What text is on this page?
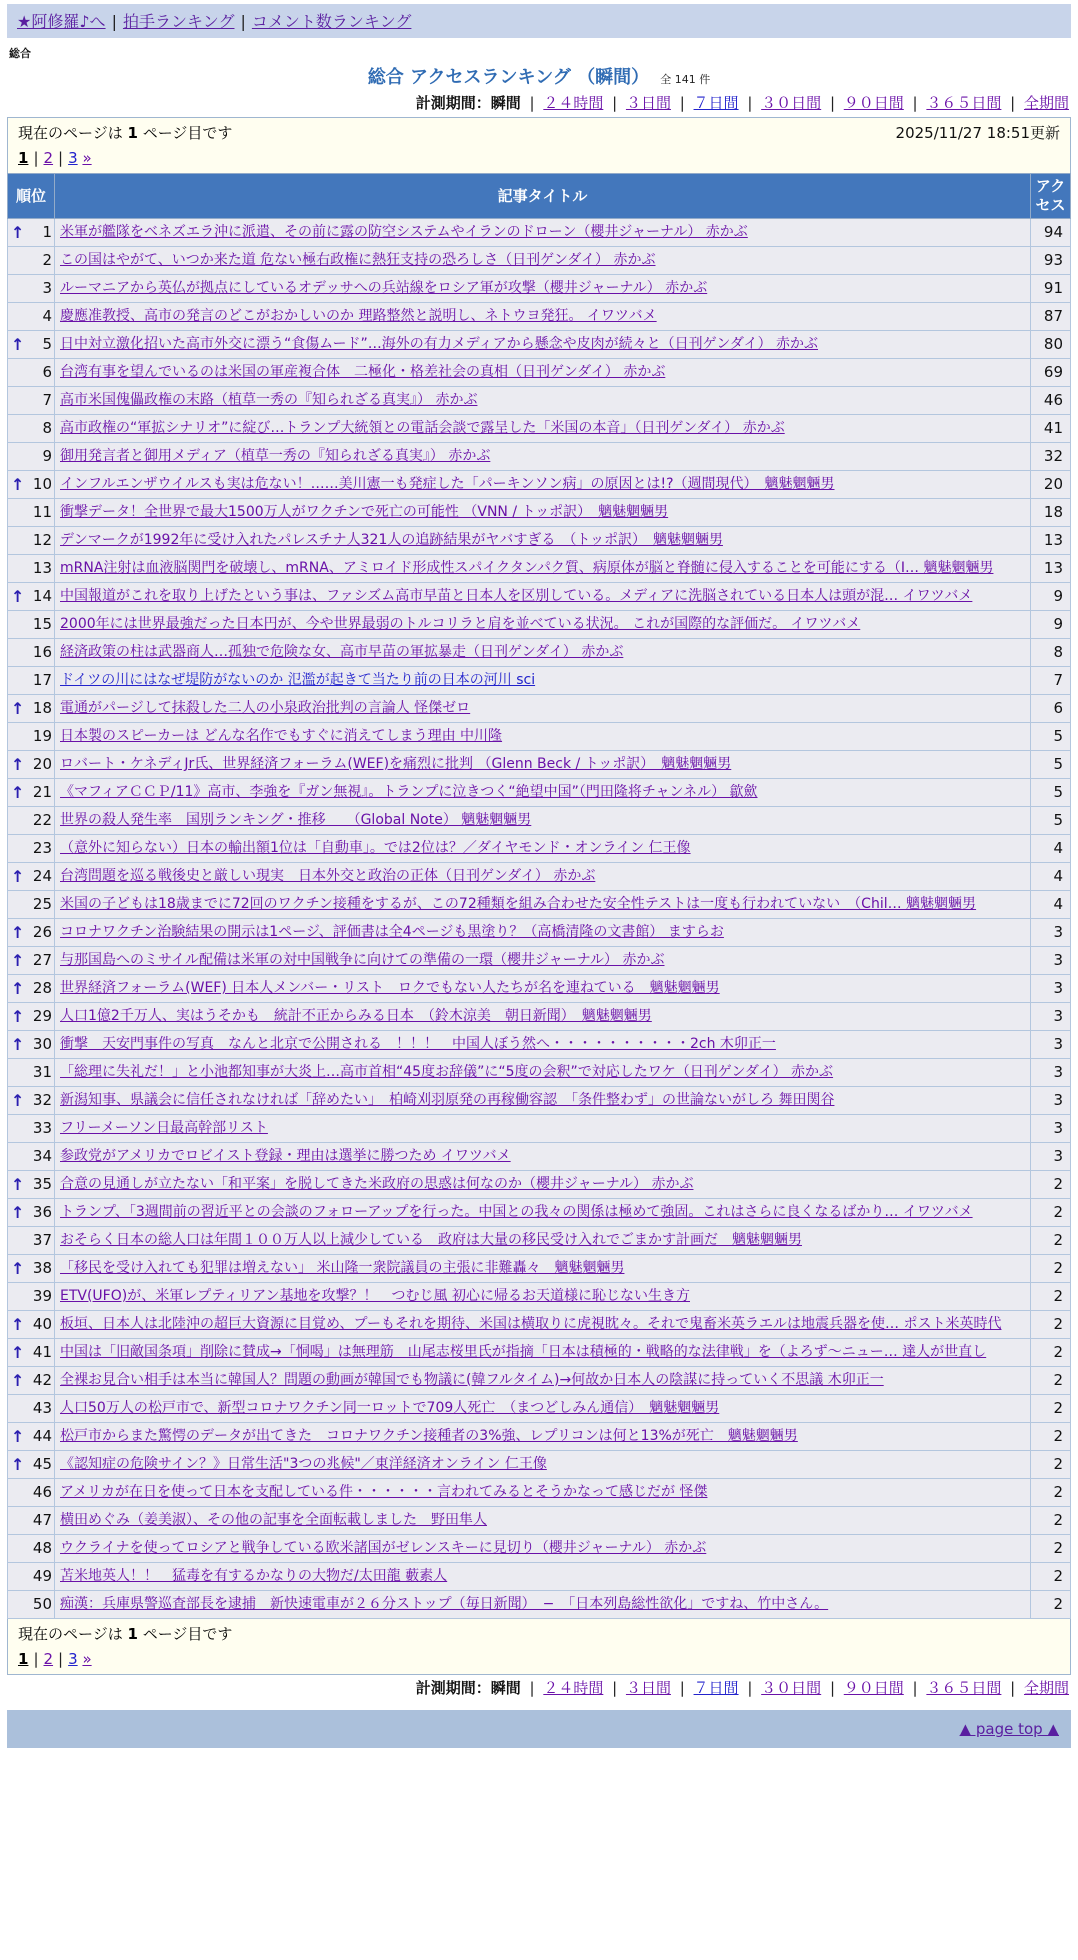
★阿修羅♪へ | 拍手ランキング | コメント数ランキング
総合
総合 アクセスランキング （瞬間） 全 141 件
計測期間：瞬間 | ２４時間 | ３日間 | ７日間 | ３０日間 | ９０日間 | ３６５日間 | 全期間
現在のページは 1 ページ目です	2025/11/27 18:51更新
1 | 2 | 3 »
順位	記事タイトル	アクセス

↑ 1	米軍が艦隊をベネズエラ沖に派遣、その前に露の防空システムやイランのドローン（櫻井ジャーナル） 赤かぶ	94

2	この国はやがて、いつか来た道 危ない極右政権に熱狂支持の恐ろしさ（日刊ゲンダイ） 赤かぶ	93

3	ルーマニアから英仏が拠点にしているオデッサへの兵站線をロシア軍が攻撃（櫻井ジャーナル） 赤かぶ	91

4	慶應准教授、高市の発言のどこがおかしいのか 理路整然と説明し、ネトウヨ発狂。 イワツバメ	87

↑ 5	日中対立激化招いた高市外交に漂う“食傷ムード”…海外の有力メディアから懸念や皮肉が続々と（日刊ゲンダイ） 赤かぶ	80

6	台湾有事を望んでいるのは米国の軍産複合体　二極化・格差社会の真相（日刊ゲンダイ） 赤かぶ	69

7	高市米国傀儡政権の末路（植草一秀の『知られざる真実』） 赤かぶ	46

8	高市政権の“軍拡シナリオ”に綻び…トランプ大統領との電話会談で露呈した「米国の本音」（日刊ゲンダイ） 赤かぶ	41

9	御用発言者と御用メディア（植草一秀の『知られざる真実』） 赤かぶ	32

↑ 10	インフルエンザウイルスも実は危ない！……美川憲一も発症した「パーキンソン病」の原因とは!?（週間現代）　魑魅魍魎男	20

11	衝撃データ！全世界で最大1500万人がワクチンで死亡の可能性 （VNN / トッポ訳）　魑魅魍魎男	18

12	デンマークが1992年に受け入れたパレスチナ人321人の追跡結果がヤバすぎる　（トッポ訳）　魑魅魍魎男	13

13	mRNA注射は血液脳関門を破壊し、mRNA、アミロイド形成性スパイクタンパク質、病原体が脳と脊髄に侵入することを可能にする（I… 魑魅魍魎男	13

↑ 14	中国報道がこれを取り上げたという事は、ファシズム高市早苗と日本人を区別している。メディアに洗脳されている日本人は頭が混… イワツバメ	9

15	2000年には世界最強だった日本円が、今や世界最弱のトルコリラと肩を並べている状況。 これが国際的な評価だ。 イワツバメ	9

16	経済政策の柱は武器商人…孤独で危険な女、高市早苗の軍拡暴走（日刊ゲンダイ） 赤かぶ	8

17	ドイツの川にはなぜ堤防がないのか 氾濫が起きて当たり前の日本の河川 sci	7

↑ 18	電通がパージして抹殺した二人の小泉政治批判の言論人 怪傑ゼロ	6

19	日本製のスピーカーは どんな名作でもすぐに消えてしまう理由 中川隆	5

↑ 20	ロバート・ケネディJr氏、世界経済フォーラム(WEF)を痛烈に批判 （Glenn Beck / トッポ訳）　魑魅魍魎男	5

↑ 21	《マフィアＣＣＰ/11》高市、李強を『ガン無視』。トランプに泣きつく“絶望中国”（門田隆将チャンネル） 歙歛	5

22	世界の殺人発生率　国別ランキング・推移　　（Global Note） 魑魅魍魎男	5

23	（意外に知らない）日本の輸出額1位は「自動車」。では2位は？／ダイヤモンド・オンライン 仁王像	4

↑ 24	台湾問題を巡る戦後史と厳しい現実　日本外交と政治の正体（日刊ゲンダイ） 赤かぶ	4

25	米国の子どもは18歳までに72回のワクチン接種をするが、この72種類を組み合わせた安全性テストは一度も行われていない　（Chil… 魑魅魍魎男	4

↑ 26	コロナワクチン治験結果の開示は1ページ、評価書は全4ページも黒塗り？（高橋清隆の文書館） ますらお	3

↑ 27	与那国島へのミサイル配備は米軍の対中国戦争に向けての準備の一環（櫻井ジャーナル） 赤かぶ	3

↑ 28	世界経済フォーラム(WEF) 日本人メンバー・リスト　ロクでもない人たちが名を連ねている　魑魅魍魎男	3

↑ 29	人口1億2千万人、実はうそかも　統計不正からみる日本　（鈴木涼美　朝日新聞）　魑魅魍魎男	3

↑ 30	衝撃　天安門事件の写真　なんと北京で公開される　！！！　中国人ぼう然へ・・・・・・・・・・2ch 木卯正一	3

31	「総理に失礼だ！」と小池都知事が大炎上…高市首相“45度お辞儀”に“5度の会釈”で対応したワケ（日刊ゲンダイ） 赤かぶ	3

↑ 32	新潟知事、県議会に信任されなければ「辞めたい」　柏崎刈羽原発の再稼働容認　「条件整わず」の世論ないがしろ 舞田関谷	3

33	フリーメーソン日最高幹部リスト	3

34	参政党がアメリカでロビイスト登録・理由は選挙に勝つため イワツバメ	3

↑ 35	合意の見通しが立たない「和平案」を脱してきた米政府の思惑は何なのか（櫻井ジャーナル） 赤かぶ	2

↑ 36	トランプ、「3週間前の習近平との会談のフォローアップを行った。中国との我々の関係は極めて強固。これはさらに良くなるばかり… イワツバメ	2

37	おそらく日本の総人口は年間１００万人以上減少している　政府は大量の移民受け入れでごまかす計画だ　魑魅魍魎男	2

↑ 38	「移民を受け入れても犯罪は増えない」 米山隆一衆院議員の主張に非難轟々　魑魅魍魎男	2

39	ETV(UFO)が、米軍レプティリアン基地を攻撃？！　つむじ風 初心に帰るお天道様に恥じない生き方	2

↑ 40	板垣、日本人は北陸沖の超巨大資源に目覚め、プーもそれを期待、米国は横取りに虎視眈々。それで鬼畜米英ラエルは地震兵器を使… ポスト米英時代	2

↑ 41	中国は「旧敵国条項」削除に賛成→「恫喝」は無理筋　山尾志桜里氏が指摘「日本は積極的・戦略的な法律戦」を（よろず〜ニュー… 達人が世直し	2

↑ 42	全裸お見合い相手は本当に韓国人？問題の動画が韓国でも物議に(韓フルタイム)→何故か日本人の陰謀に持っていく不思議 木卯正一	2

43	人口50万人の松戸市で、新型コロナワクチン同一ロットで709人死亡　（まつどしみん通信）　魑魅魍魎男	2

↑ 44	松戸市からまた驚愕のデータが出てきた　コロナワクチン接種者の3%強、レプリコンは何と13%が死亡　魑魅魍魎男	2

↑ 45	《認知症の危険サイン？》日常生活"3つの兆候"／東洋経済オンライン 仁王像	2

46	アメリカが在日を使って日本を支配している件・・・・・・言われてみるとそうかなって感じだが 怪傑	2

47	横田めぐみ（姜美淑）、その他の記事を全面転載しました　野田隼人	2

48	ウクライナを使ってロシアと戦争している欧米諸国がゼレンスキーに見切り（櫻井ジャーナル） 赤かぶ	2

49	苫米地英人！！　猛毒を有するかなりの大物だ/太田龍 藪素人	2

50	痴漢：兵庫県警巡査部長を逮捕　新快速電車が２６分ストップ（毎日新聞）　−　「日本列島総性欲化」ですね、竹中さん。	2
現在のページは 1 ページ目です
1 | 2 | 3 »
計測期間：瞬間 | ２４時間 | ３日間 | ７日間 | ３０日間 | ９０日間 | ３６５日間 | 全期間
▲ page top ▲
